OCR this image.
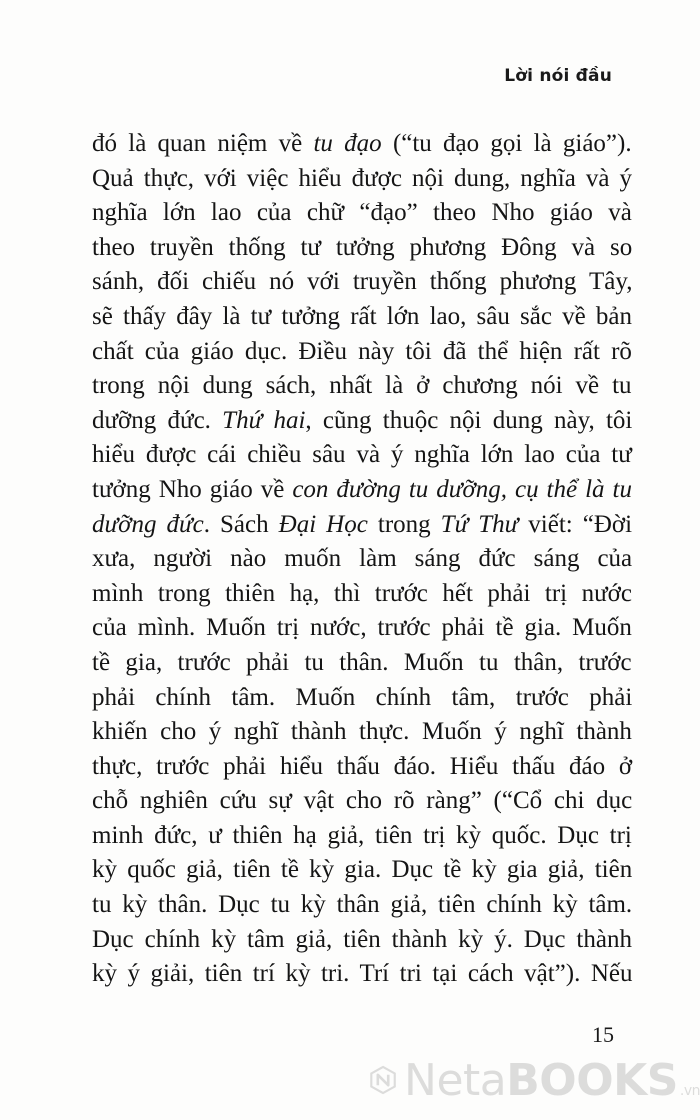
Lời nói đầu
đó là quan niệm về tu đạo (“tu đạo gọi là giáo”).
Quả thực, với việc hiểu được nội dung, nghĩa và ý
nghĩa lớn lao của chữ “đạo” theo Nho giáo và
theo truyền thống tư tưởng phương Đông và so
sánh, đối chiếu nó với truyền thống phương Tây,
sẽ thấy đây là tư tưởng rất lớn lao, sâu sắc về bản
chất của giáo dục. Điều này tôi đã thể hiện rất rõ
trong nội dung sách, nhất là ở chương nói về tu
dưỡng đức. Thứ hai, cũng thuộc nội dung này, tôi
hiểu được cái chiều sâu và ý nghĩa lớn lao của tư
tưởng Nho giáo về con đường tu dưỡng, cụ thể là tu
dưỡng đức. Sách Đại Học trong Tứ Thư viết: “Đời
xưa, người nào muốn làm sáng đức sáng của
mình trong thiên hạ, thì trước hết phải trị nước
của mình. Muốn trị nước, trước phải tề gia. Muốn
tề gia, trước phải tu thân. Muốn tu thân, trước
phải chính tâm. Muốn chính tâm, trước phải
khiến cho ý nghĩ thành thực. Muốn ý nghĩ thành
thực, trước phải hiểu thấu đáo. Hiểu thấu đáo ở
chỗ nghiên cứu sự vật cho rõ ràng” (“Cổ chi dục
minh đức, ư thiên hạ giả, tiên trị kỳ quốc. Dục trị
kỳ quốc giả, tiên tề kỳ gia. Dục tề kỳ gia giả, tiên
tu kỳ thân. Dục tu kỳ thân giả, tiên chính kỳ tâm.
Dục chính kỳ tâm giả, tiên thành kỳ ý. Dục thành
kỳ ý giải, tiên trí kỳ tri. Trí tri tại cách vật”). Nếu
15
NetaBOOKS .vn
